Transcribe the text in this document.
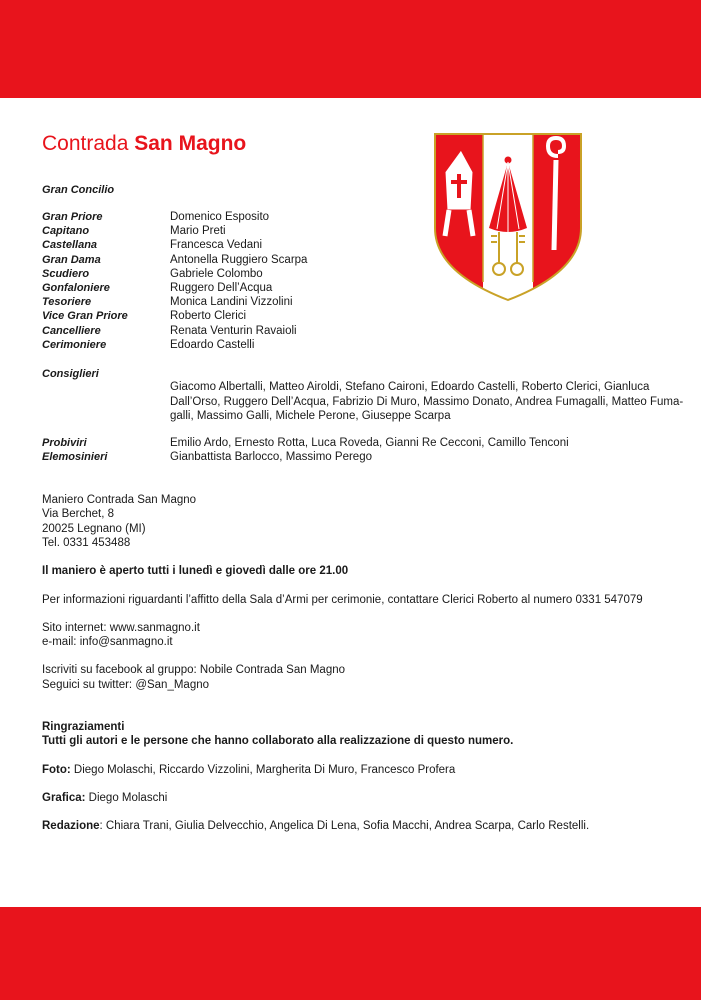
Contrada San Magno
Gran Concilio
Gran Priore	Domenico Esposito
Capitano	Mario Preti
Castellana	Francesca Vedani
Gran Dama	Antonella Ruggiero Scarpa
Scudiero	Gabriele Colombo
Gonfaloniere	Ruggero Dell’Acqua
Tesoriere	Monica Landini Vizzolini
Vice Gran Priore	Roberto Clerici
Cancelliere	Renata Venturin Ravaioli
Cerimoniere	Edoardo Castelli
Consiglieri
Giacomo Albertalli, Matteo Airoldi, Stefano Caironi, Edoardo Castelli, Roberto Clerici, Gianluca
Dall’Orso, Ruggero Dell’Acqua, Fabrizio Di Muro, Massimo Donato, Andrea Fumagalli, Matteo Fuma-
galli, Massimo Galli, Michele Perone, Giuseppe Scarpa
Probiviri	Emilio Ardo, Ernesto Rotta, Luca Roveda, Gianni Re Cecconi, Camillo Tenconi
Elemosinieri	Gianbattista Barlocco, Massimo Perego
Maniero Contrada San Magno
Via Berchet, 8
20025 Legnano (MI)
Tel. 0331 453488
Il maniero è aperto tutti i lunedì e giovedì dalle ore 21.00
Per informazioni riguardanti l’affitto della Sala d’Armi per cerimonie, contattare Clerici Roberto al numero 0331 547079
Sito internet: www.sanmagno.it
e-mail: info@sanmagno.it
Iscriviti su facebook al gruppo: Nobile Contrada San Magno
Seguici su twitter: @San_Magno
Ringraziamenti
Tutti gli autori e le persone che hanno collaborato alla realizzazione di questo numero.
Foto: Diego Molaschi, Riccardo Vizzolini, Margherita Di Muro, Francesco Profera
Grafica: Diego Molaschi
Redazione: Chiara Trani, Giulia Delvecchio, Angelica Di Lena, Sofia Macchi, Andrea Scarpa, Carlo Restelli.
